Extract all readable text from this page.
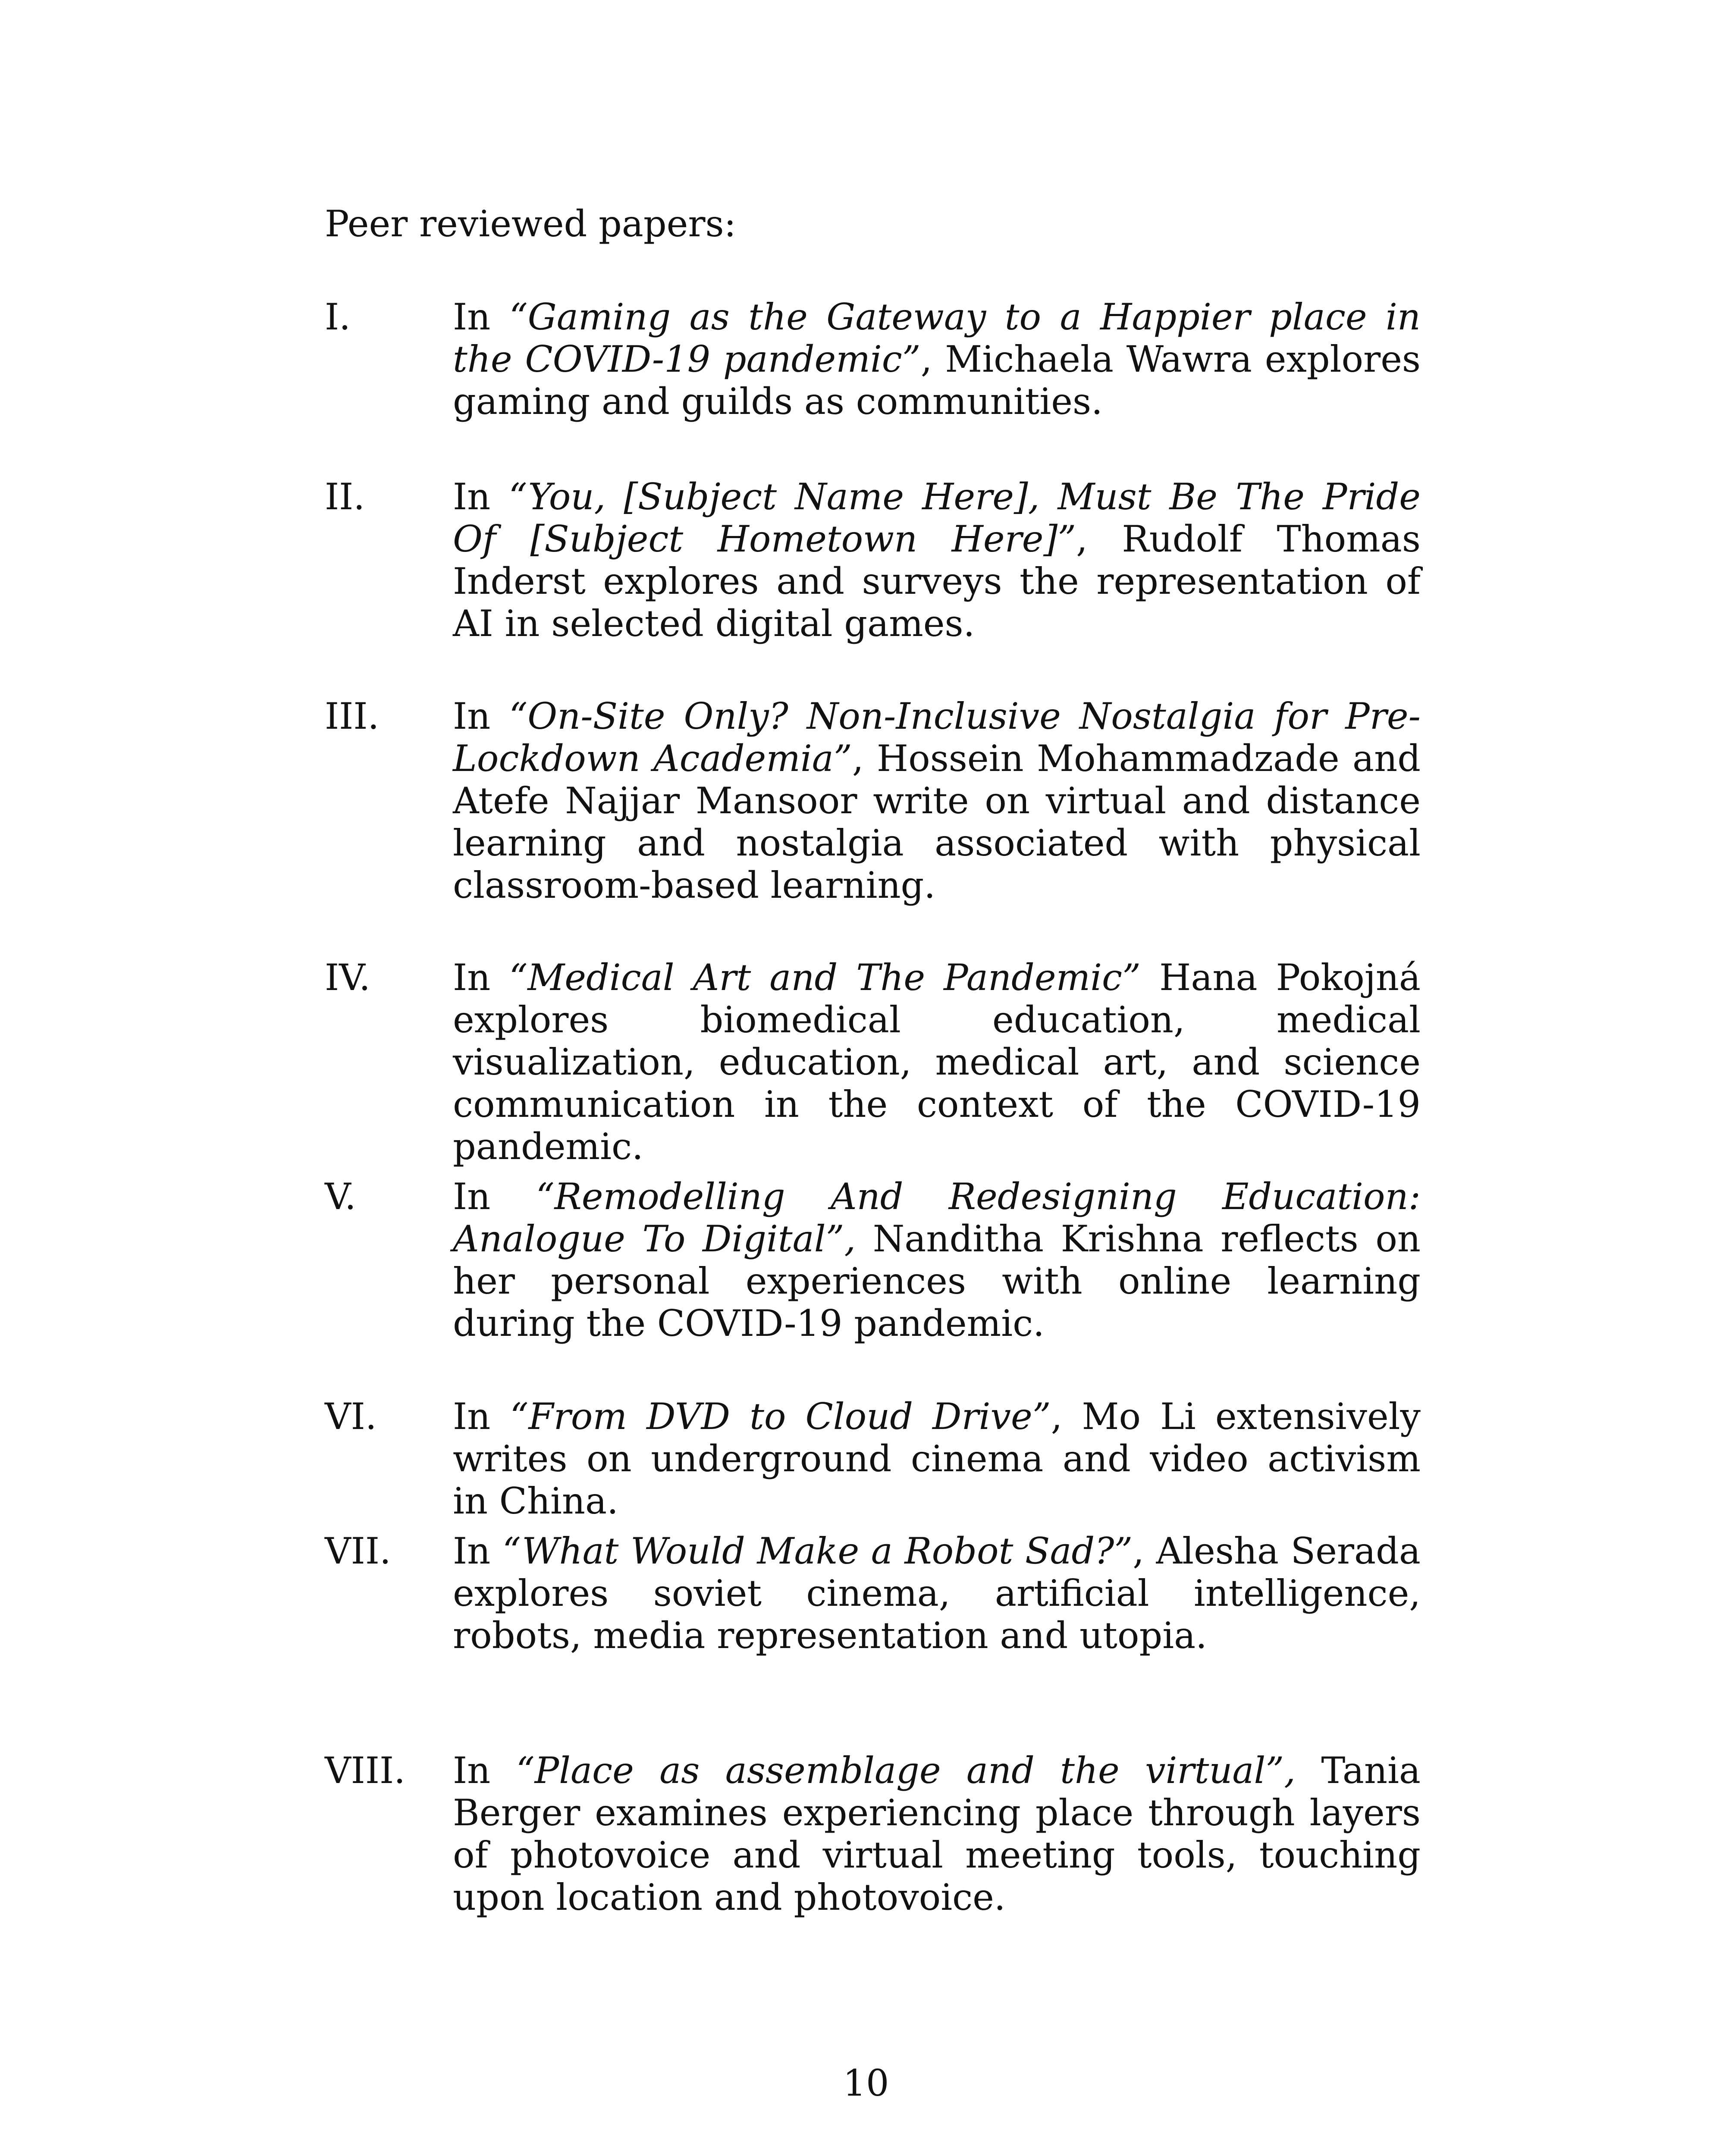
Peer reviewed papers:
I.	In “Gaming as the Gateway to a Happier place in the COVID-19 pandemic”, Michaela Wawra explores gaming and guilds as communities.
II. In “You, [Subject Name Here], Must Be The Pride Of [Subject Hometown Here]”, Rudolf Thomas Inderst explores and surveys the representation of AI in selected digital games.
III. In “On-Site Only? Non-Inclusive Nostalgia for Pre-Lockdown Academia”, Hossein Mohammadzade and Atefe Najjar Mansoor write on virtual and distance learning and nostalgia associated with physical classroom-based learning.
IV. In “Medical Art and The Pandemic” Hana Pokojná explores biomedical education, medical visualization, education, medical art, and science communication in the context of the COVID-19 pandemic.
V.	In “Remodelling And Redesigning Education: Analogue To Digital”, Nanditha Krishna reflects on her personal experiences with online learning during the COVID-19 pandemic.
VI. In “From DVD to Cloud Drive”, Mo Li extensively writes on underground cinema and video activism in China.
VII. In “What Would Make a Robot Sad?”, Alesha Serada explores soviet cinema, artificial intelligence, robots, media representation and utopia.
VIII. In “Place as assemblage and the virtual”, Tania Berger examines experiencing place through layers of photovoice and virtual meeting tools, touching upon location and photovoice.
10
